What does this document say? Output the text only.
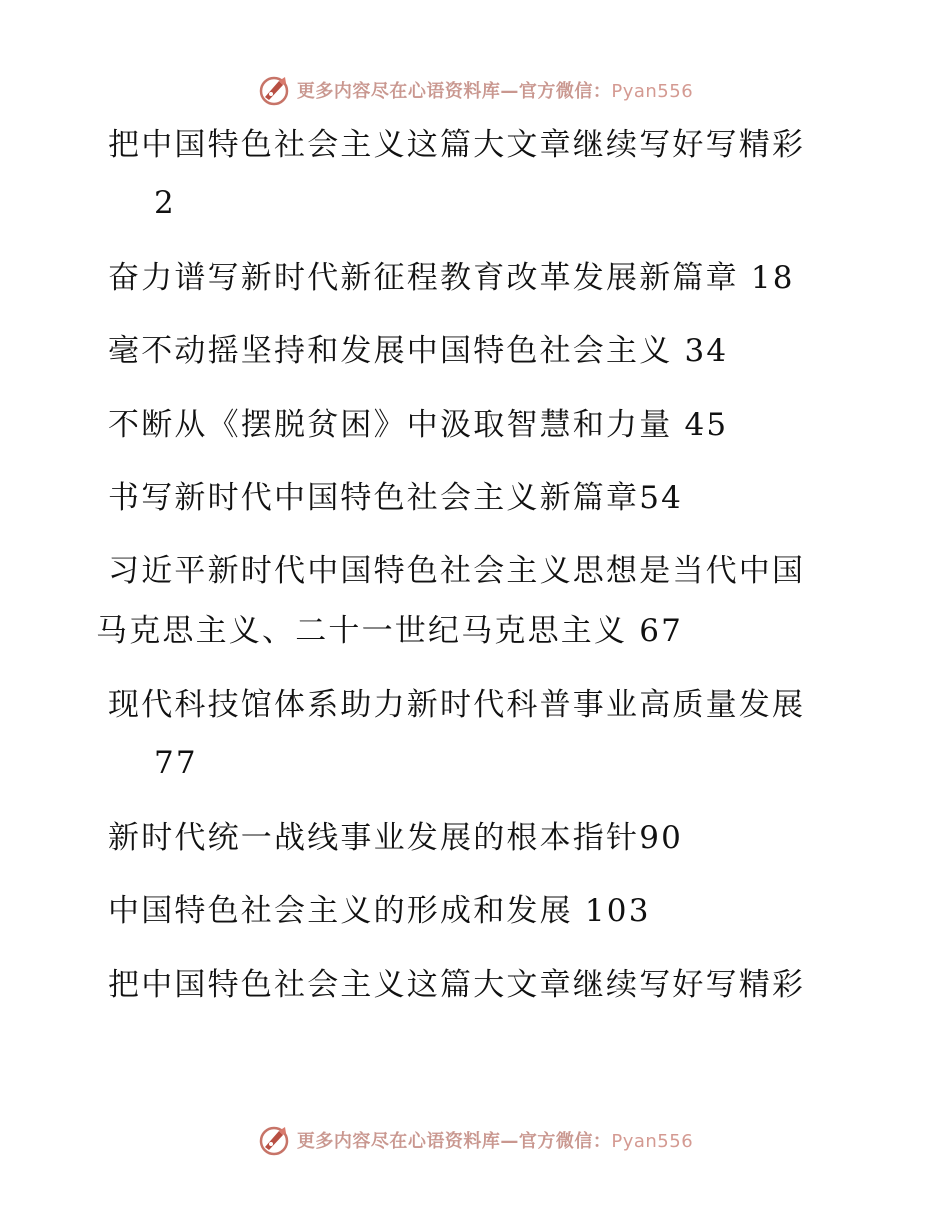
更多内容尽在心语资料库—官方微信：Pyan556
把中国特色社会主义这篇大文章继续写好写精彩
2
奋力谱写新时代新征程教育改革发展新篇章 18
毫不动摇坚持和发展中国特色社会主义 34
不断从《摆脱贫困》中汲取智慧和力量 45
书写新时代中国特色社会主义新篇章54
习近平新时代中国特色社会主义思想是当代中国
马克思主义、二十一世纪马克思主义 67
现代科技馆体系助力新时代科普事业高质量发展
77
新时代统一战线事业发展的根本指针90
中国特色社会主义的形成和发展 103
把中国特色社会主义这篇大文章继续写好写精彩
更多内容尽在心语资料库—官方微信：Pyan556
